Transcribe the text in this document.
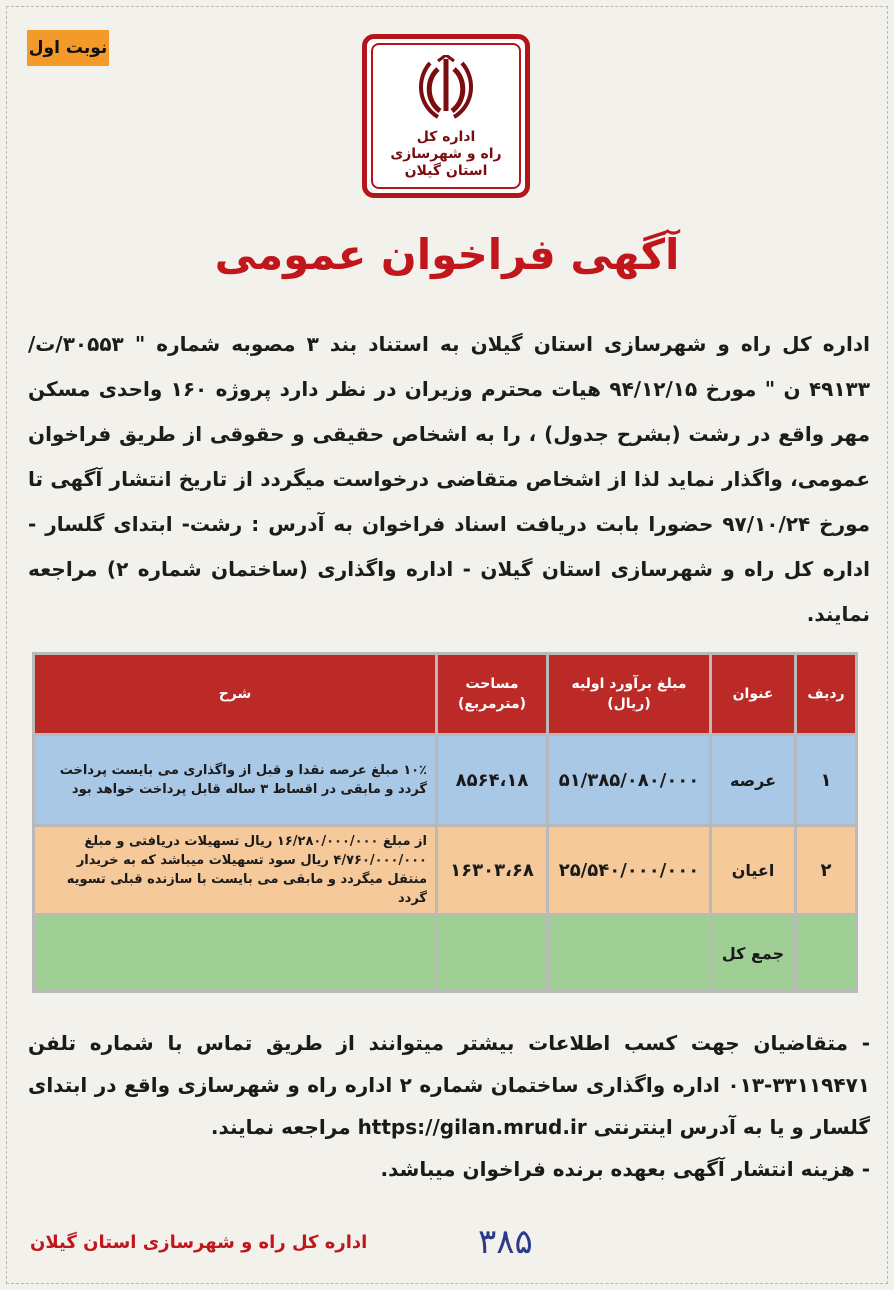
نوبت اول
اداره کل
راه و شهرسازی
استان گیلان
آگهی فراخوان عمومی
اداره کل راه و شهرسازی استان گیلان به استناد بند ۳ مصوبه شماره " ۳۰۵۵۳/ت/۴۹۱۳۳ ن " مورخ ۹۴/۱۲/۱۵ هیات محترم وزیران در نظر دارد پروژه ۱۶۰ واحدی مسکن مهر واقع در رشت (بشرح جدول) ، را به اشخاص حقیقی و حقوقی از طریق فراخوان عمومی، واگذار نماید لذا از اشخاص متقاضی درخواست میگردد از تاریخ انتشار آگهی تا مورخ ۹۷/۱۰/۲۴ حضورا بابت دریافت اسناد فراخوان به آدرس : رشت- ابتدای گلسار - اداره کل راه و شهرسازی استان گیلان - اداره واگذاری (ساختمان شماره ۲) مراجعه نمایند.
ردیف	عنوان	مبلغ برآورد اولیه (ریال)	مساحت (مترمربع)	شرح
۱	عرصه	۵۱/۳۸۵/۰۸۰/۰۰۰	۸۵۶۴،۱۸	۱۰٪ مبلغ عرصه نقدا و قبل از واگذاری می بایست پرداخت گردد و مابقی در اقساط ۳ ساله قابل پرداخت خواهد بود
۲	اعیان	۲۵/۵۴۰/۰۰۰/۰۰۰	۱۶۳۰۳،۶۸	از مبلغ ۱۶/۲۸۰/۰۰۰/۰۰۰ ریال تسهیلات دریافتی و مبلغ ۴/۷۶۰/۰۰۰/۰۰۰ ریال سود تسهیلات میباشد که به خریدار منتقل میگردد و مابقی می بایست با سازنده قبلی تسویه گردد
	جمع کل			

- متقاضیان جهت کسب اطلاعات بیشتر میتوانند از طریق تماس با شماره تلفن ۳۳۱۱۹۴۷۱-۰۱۳ اداره واگذاری ساختمان شماره ۲ اداره راه و شهرسازی واقع در ابتدای گلسار و یا به آدرس اینترنتی https://gilan.mrud.ir مراجعه نمایند.

- هزینه انتشار آگهی بعهده برنده فراخوان میباشد.

اداره کل راه و شهرسازی استان گیلان	۳۸۵
